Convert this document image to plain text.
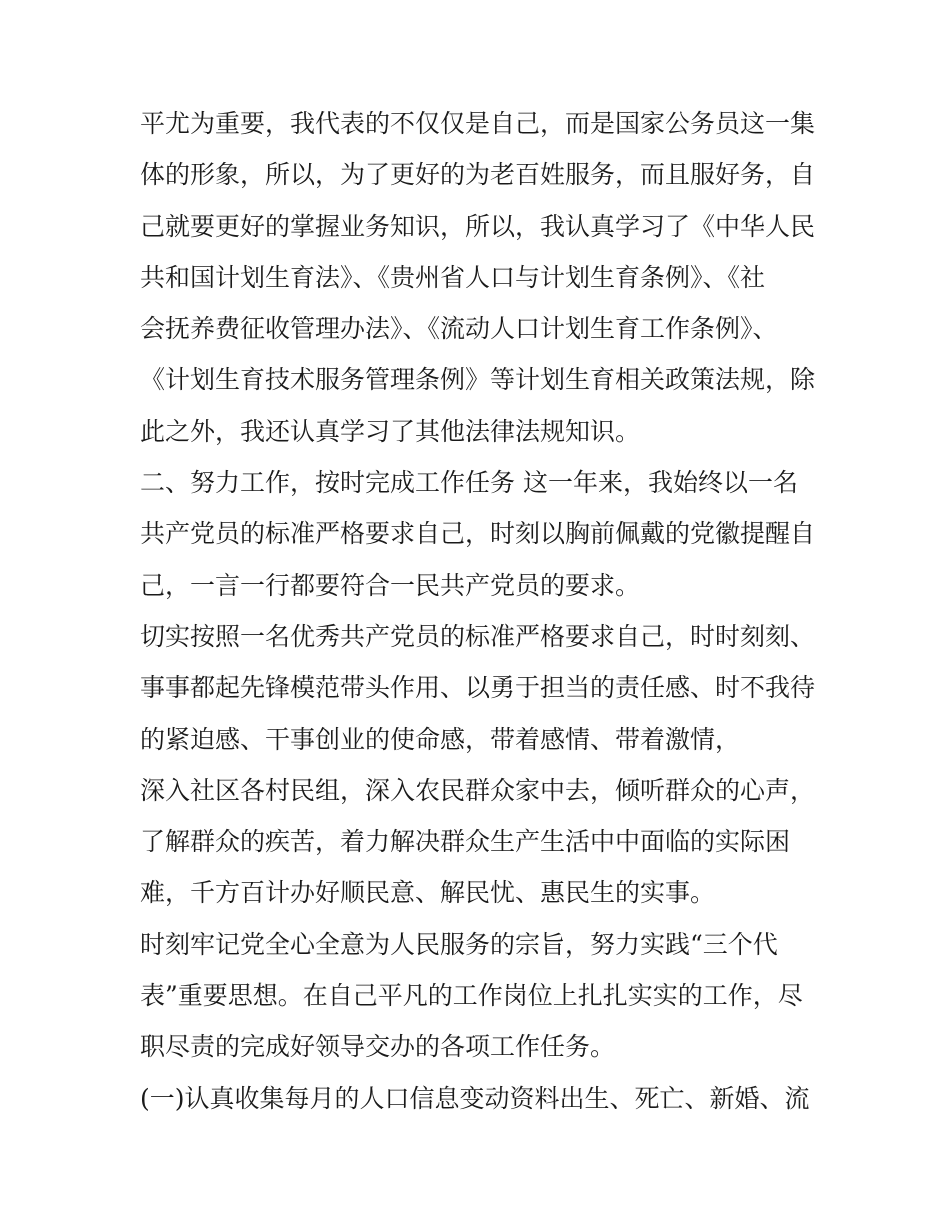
平尤为重要，我代表的不仅仅是自己，而是国家公务员这一集
体的形象，所以，为了更好的为老百姓服务，而且服好务，自
己就要更好的掌握业务知识，所以，我认真学习了《中华人民
共和国计划生育法》、《贵州省人口与计划生育条例》、《社
会抚养费征收管理办法》、《流动人口计划生育工作条例》、
《计划生育技术服务管理条例》等计划生育相关政策法规，除
此之外，我还认真学习了其他法律法规知识。
二、努力工作，按时完成工作任务 这一年来，我始终以一名
共产党员的标准严格要求自己，时刻以胸前佩戴的党徽提醒自
己，一言一行都要符合一民共产党员的要求。
切实按照一名优秀共产党员的标准严格要求自己，时时刻刻、
事事都起先锋模范带头作用、以勇于担当的责任感、时不我待
的紧迫感、干事创业的使命感，带着感情、带着激情，
深入社区各村民组，深入农民群众家中去，倾听群众的心声，
了解群众的疾苦，着力解决群众生产生活中中面临的实际困
难，千方百计办好顺民意、解民忧、惠民生的实事。
时刻牢记党全心全意为人民服务的宗旨，努力实践“三个代
表”重要思想。在自己平凡的工作岗位上扎扎实实的工作，尽
职尽责的完成好领导交办的各项工作任务。
(一)认真收集每月的人口信息变动资料出生、死亡、新婚、流
